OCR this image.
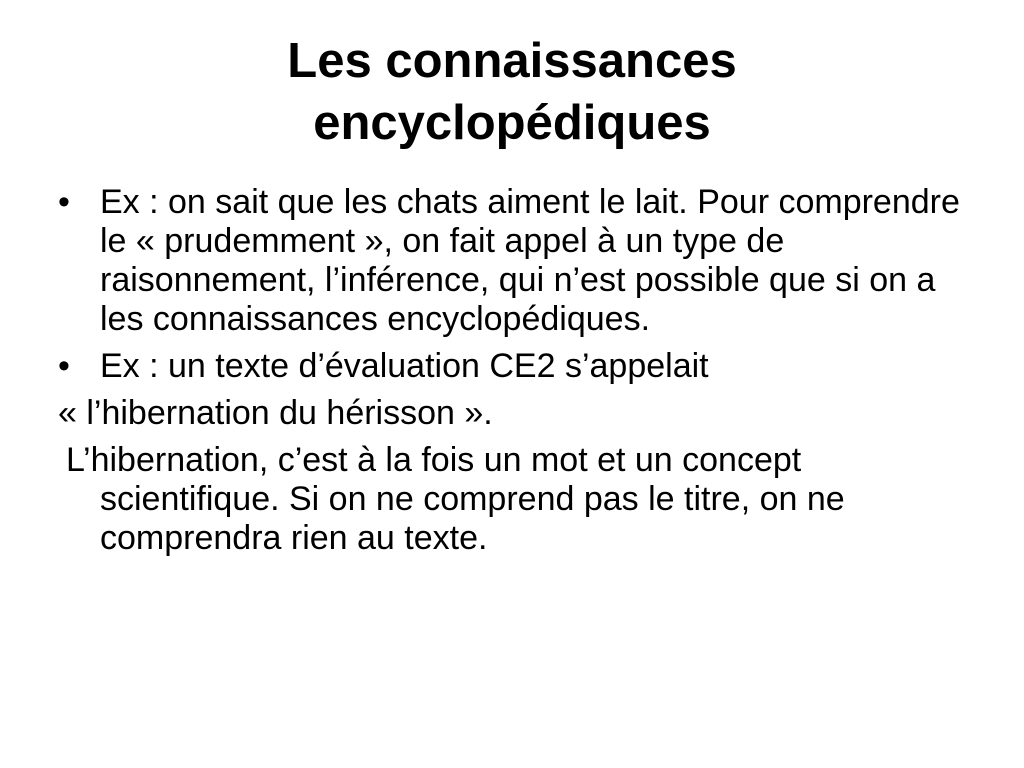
Les connaissances
encyclopédiques

• Ex : on sait que les chats aiment le lait. Pour comprendre le « prudemment », on fait appel à un type de raisonnement, l’inférence, qui n’est possible que si on a les connaissances encyclopédiques.

• Ex : un texte d’évaluation CE2 s’appelait

« l’hibernation du hérisson ».

L’hibernation, c’est à la fois un mot et un concept scientifique. Si on ne comprend pas le titre, on ne comprendra rien au texte.
